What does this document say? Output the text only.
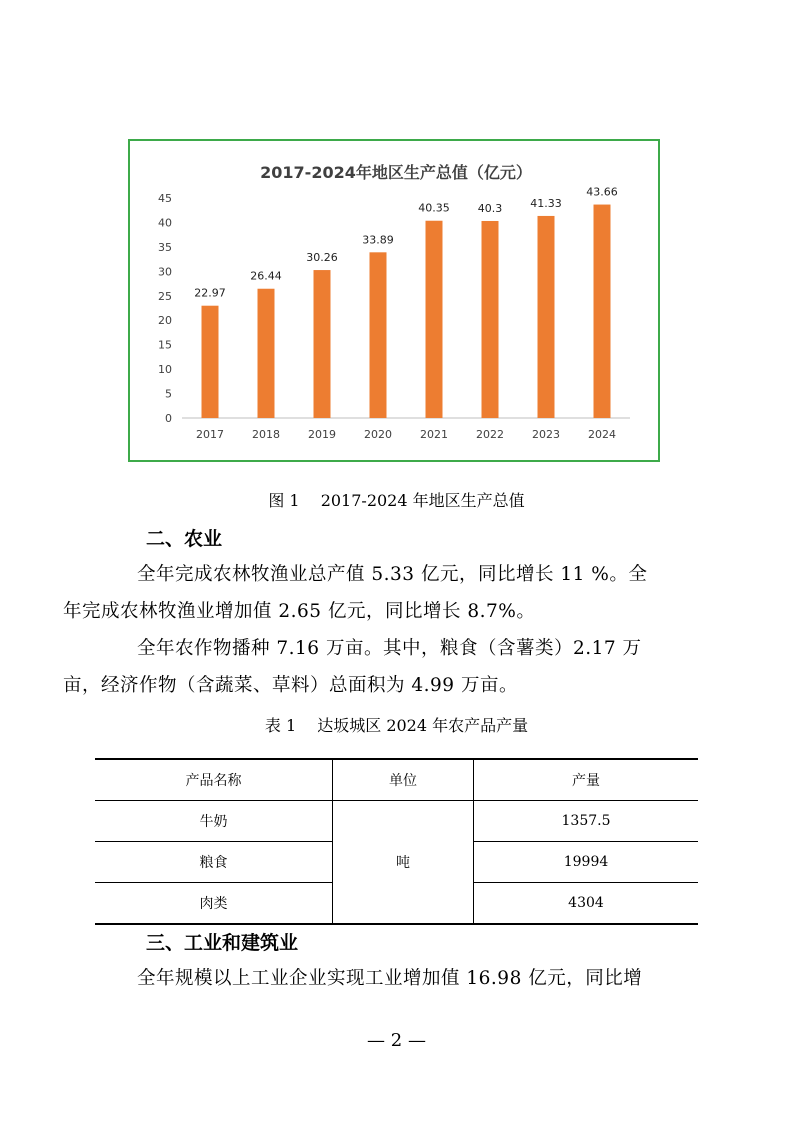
2017-2024年地区生产总值（亿元）
0
5
10
15
20
25
30
35
40
45
22.97
26.44
30.26
33.89
40.35	40.3	41.33
43.66
2017	2018	2019	2020	2021	2022	2023	2024
图 1　 2017-2024 年地区生产总值
二、农业
全年完成农林牧渔业总产值 5.33 亿元，同比增长 11 %。全
年完成农林牧渔业增加值 2.65 亿元，同比增长 8.7%。
全年农作物播种 7.16 万亩。其中，粮食（含薯类）2.17 万
亩，经济作物（含蔬菜、草料）总面积为 4.99 万亩。
表 1　 达坂城区 2024 年农产品产量
产品名称	单位	产量
牛奶	吨	1357.5
粮食		19994
肉类		4304
三、工业和建筑业
全年规模以上工业企业实现工业增加值 16.98 亿元，同比增
— 2 —
